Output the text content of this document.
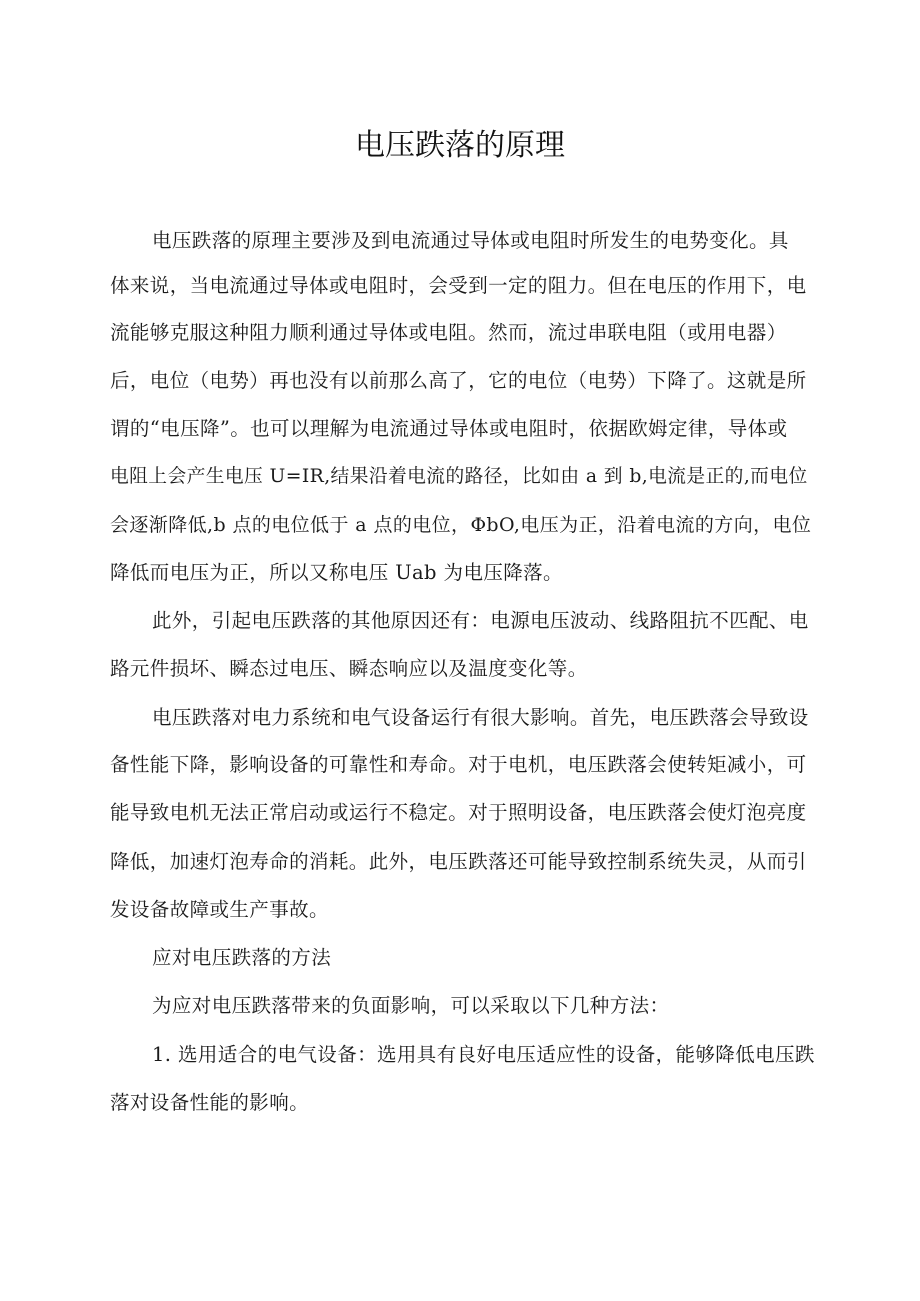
电压跌落的原理
电压跌落的原理主要涉及到电流通过导体或电阻时所发生的电势变化。具
体来说，当电流通过导体或电阻时，会受到一定的阻力。但在电压的作用下，电
流能够克服这种阻力顺利通过导体或电阻。然而，流过串联电阻（或用电器）
后，电位（电势）再也没有以前那么高了，它的电位（电势）下降了。这就是所
谓的“电压降”。也可以理解为电流通过导体或电阻时，依据欧姆定律，导体或
电阻上会产生电压 U=IR,结果沿着电流的路径，比如由 a 到 b,电流是正的,而电位
会逐渐降低,b 点的电位低于 a 点的电位，ΦbO,电压为正，沿着电流的方向，电位
降低而电压为正，所以又称电压 Uab 为电压降落。
此外，引起电压跌落的其他原因还有：电源电压波动、线路阻抗不匹配、电
路元件损坏、瞬态过电压、瞬态响应以及温度变化等。
电压跌落对电力系统和电气设备运行有很大影响。首先，电压跌落会导致设
备性能下降，影响设备的可靠性和寿命。对于电机，电压跌落会使转矩减小，可
能导致电机无法正常启动或运行不稳定。对于照明设备，电压跌落会使灯泡亮度
降低，加速灯泡寿命的消耗。此外，电压跌落还可能导致控制系统失灵，从而引
发设备故障或生产事故。
应对电压跌落的方法
为应对电压跌落带来的负面影响，可以采取以下几种方法：
1. 选用适合的电气设备：选用具有良好电压适应性的设备，能够降低电压跌
落对设备性能的影响。
